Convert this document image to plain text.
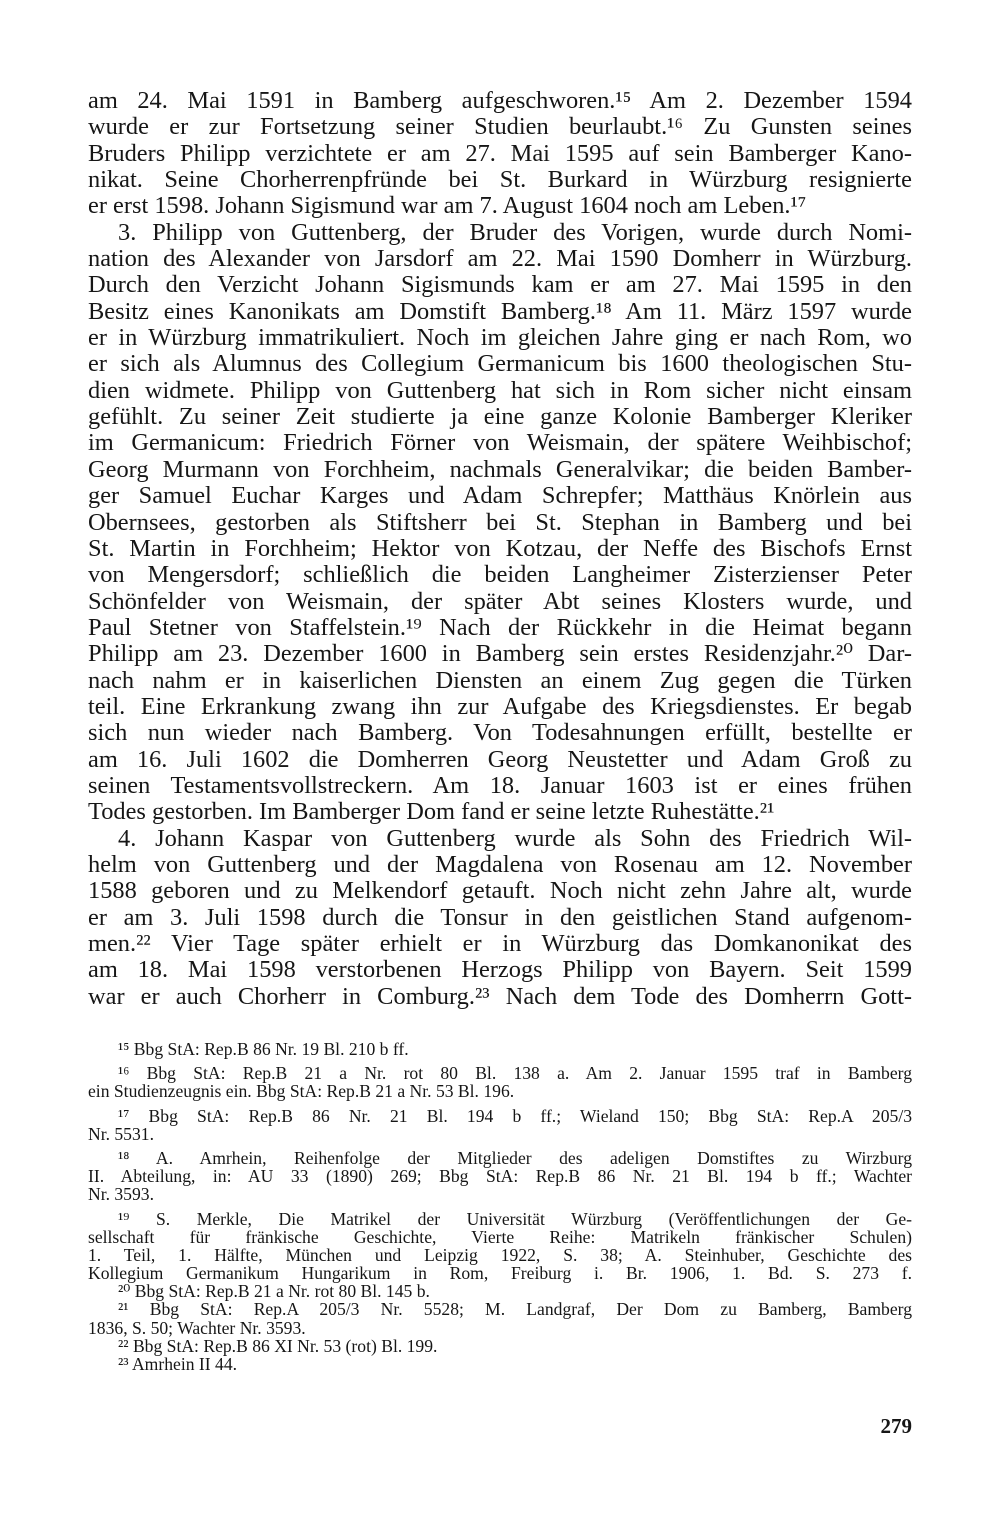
am 24. Mai 1591 in Bamberg aufgeschworen.¹⁵ Am 2. Dezember 1594
wurde er zur Fortsetzung seiner Studien beurlaubt.¹⁶ Zu Gunsten seines
Bruders Philipp verzichtete er am 27. Mai 1595 auf sein Bamberger Kano-
nikat. Seine Chorherrenpfründe bei St. Burkard in Würzburg resignierte
er erst 1598. Johann Sigismund war am 7. August 1604 noch am Leben.¹⁷
3. Philipp von Guttenberg, der Bruder des Vorigen, wurde durch Nomi-
nation des Alexander von Jarsdorf am 22. Mai 1590 Domherr in Würzburg.
Durch den Verzicht Johann Sigismunds kam er am 27. Mai 1595 in den
Besitz eines Kanonikats am Domstift Bamberg.¹⁸ Am 11. März 1597 wurde
er in Würzburg immatrikuliert. Noch im gleichen Jahre ging er nach Rom, wo
er sich als Alumnus des Collegium Germanicum bis 1600 theologischen Stu-
dien widmete. Philipp von Guttenberg hat sich in Rom sicher nicht einsam
gefühlt. Zu seiner Zeit studierte ja eine ganze Kolonie Bamberger Kleriker
im Germanicum: Friedrich Förner von Weismain, der spätere Weihbischof;
Georg Murmann von Forchheim, nachmals Generalvikar; die beiden Bamber-
ger Samuel Euchar Karges und Adam Schrepfer; Matthäus Knörlein aus
Obernsees, gestorben als Stiftsherr bei St. Stephan in Bamberg und bei
St. Martin in Forchheim; Hektor von Kotzau, der Neffe des Bischofs Ernst
von Mengersdorf; schließlich die beiden Langheimer Zisterzienser Peter
Schönfelder von Weismain, der später Abt seines Klosters wurde, und
Paul Stetner von Staffelstein.¹⁹ Nach der Rückkehr in die Heimat begann
Philipp am 23. Dezember 1600 in Bamberg sein erstes Residenzjahr.²⁰ Dar-
nach nahm er in kaiserlichen Diensten an einem Zug gegen die Türken
teil. Eine Erkrankung zwang ihn zur Aufgabe des Kriegsdienstes. Er begab
sich nun wieder nach Bamberg. Von Todesahnungen erfüllt, bestellte er
am 16. Juli 1602 die Domherren Georg Neustetter und Adam Groß zu
seinen Testamentsvollstreckern. Am 18. Januar 1603 ist er eines frühen
Todes gestorben. Im Bamberger Dom fand er seine letzte Ruhestätte.²¹
4. Johann Kaspar von Guttenberg wurde als Sohn des Friedrich Wil-
helm von Guttenberg und der Magdalena von Rosenau am 12. November
1588 geboren und zu Melkendorf getauft. Noch nicht zehn Jahre alt, wurde
er am 3. Juli 1598 durch die Tonsur in den geistlichen Stand aufgenom-
men.²² Vier Tage später erhielt er in Würzburg das Domkanonikat des
am 18. Mai 1598 verstorbenen Herzogs Philipp von Bayern. Seit 1599
war er auch Chorherr in Comburg.²³ Nach dem Tode des Domherrn Gott-
¹⁵ Bbg StA: Rep.B 86 Nr. 19 Bl. 210 b ff.
¹⁶ Bbg StA: Rep.B 21 a Nr. rot 80 Bl. 138 a. Am 2. Januar 1595 traf in Bamberg
ein Studienzeugnis ein. Bbg StA: Rep.B 21 a Nr. 53 Bl. 196.
¹⁷ Bbg StA: Rep.B 86 Nr. 21 Bl. 194 b ff.; Wieland 150; Bbg StA: Rep.A 205/3
Nr. 5531.
¹⁸ A. Amrhein, Reihenfolge der Mitglieder des adeligen Domstiftes zu Wirzburg
II. Abteilung, in: AU 33 (1890) 269; Bbg StA: Rep.B 86 Nr. 21 Bl. 194 b ff.; Wachter
Nr. 3593.
¹⁹ S. Merkle, Die Matrikel der Universität Würzburg (Veröffentlichungen der Ge-
sellschaft für fränkische Geschichte, Vierte Reihe: Matrikeln fränkischer Schulen)
1. Teil, 1. Hälfte, München und Leipzig 1922, S. 38; A. Steinhuber, Geschichte des
Kollegium Germanikum Hungarikum in Rom, Freiburg i. Br. 1906, 1. Bd. S. 273 f.
²⁰ Bbg StA: Rep.B 21 a Nr. rot 80 Bl. 145 b.
²¹ Bbg StA: Rep.A 205/3 Nr. 5528; M. Landgraf, Der Dom zu Bamberg, Bamberg
1836, S. 50; Wachter Nr. 3593.
²² Bbg StA: Rep.B 86 XI Nr. 53 (rot) Bl. 199.
²³ Amrhein II 44.
279
